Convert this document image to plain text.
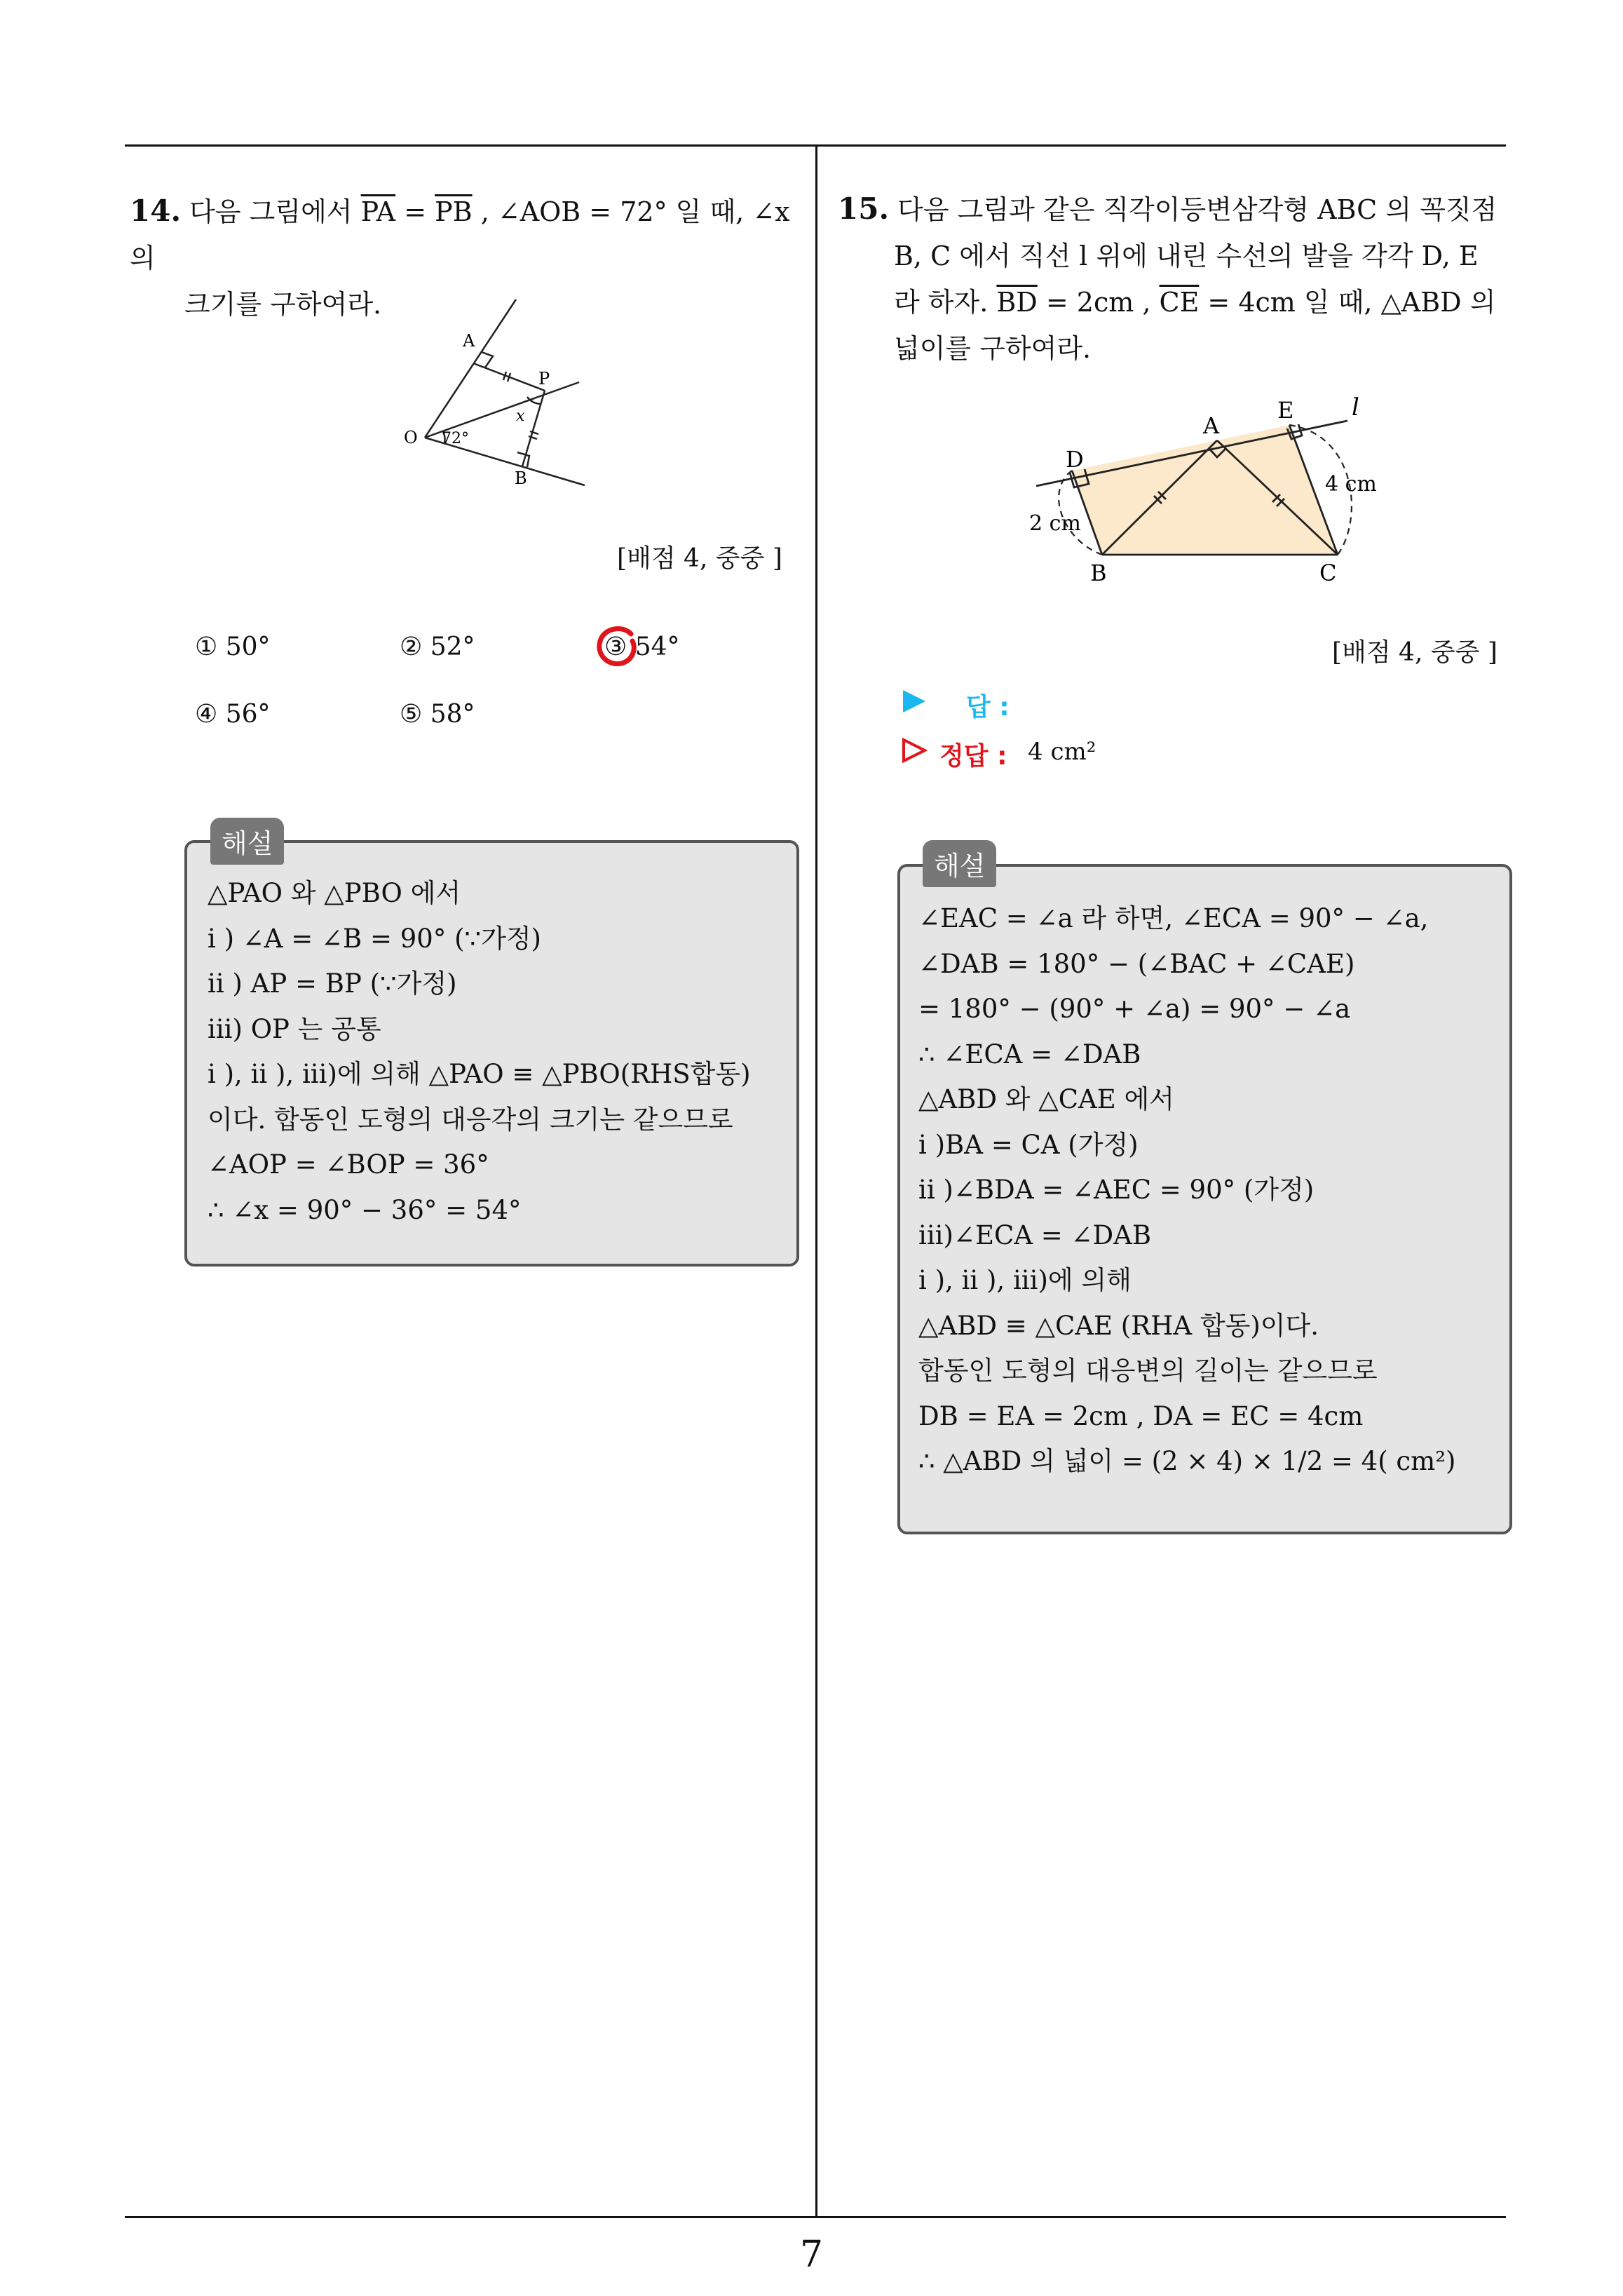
14. 다음 그림에서 $\overline{PA} = \overline{PB}$ , ∠AOB = 72° 일 때, ∠x 의
크기를 구하여라.
A
P
O
B
x
72°
[배점 4, 중중 ]
① 50°	② 52°	③ 54°
④ 56°	⑤ 58°
해설
△PAO 와 △PBO 에서
i ) ∠A = ∠B = 90° (∵가정)
ii ) AP = BP (∵가정)
iii) OP 는 공통
i ), ii ), iii)에 의해 △PAO ≡ △PBO(RHS합동)
이다. 합동인 도형의 대응각의 크기는 같으므로
∠AOP = ∠BOP = 36°
∴ ∠x = 90° − 36° = 54°
15. 다음 그림과 같은 직각이등변삼각형 ABC 의 꼭짓점
B, C 에서 직선 l 위에 내린 수선의 발을 각각 D, E
라 하자. $\overline{BD} = 2cm$ , $\overline{CE} = 4cm$ 일 때, △ABD 의
넓이를 구하여라.
A
B	C
D
E l
2 cm
4 cm
[배점 4, 중중 ]
답 :
정답 : 4 cm²
해설
∠EAC = ∠a 라 하면, ∠ECA = 90° − ∠a,
∠DAB = 180° − (∠BAC + ∠CAE)
= 180° − (90° + ∠a) = 90° − ∠a
∴ ∠ECA = ∠DAB
△ABD 와 △CAE 에서
i )BA = CA (가정)
ii )∠BDA = ∠AEC = 90° (가정)
iii)∠ECA = ∠DAB
i ), ii ), iii)에 의해
△ABD ≡ △CAE (RHA 합동)이다.
합동인 도형의 대응변의 길이는 같으므로
DB = EA = 2cm , DA = EC = 4cm
∴ △ABD 의 넓이 = (2 × 4) × 1/2 = 4( cm²)
7
